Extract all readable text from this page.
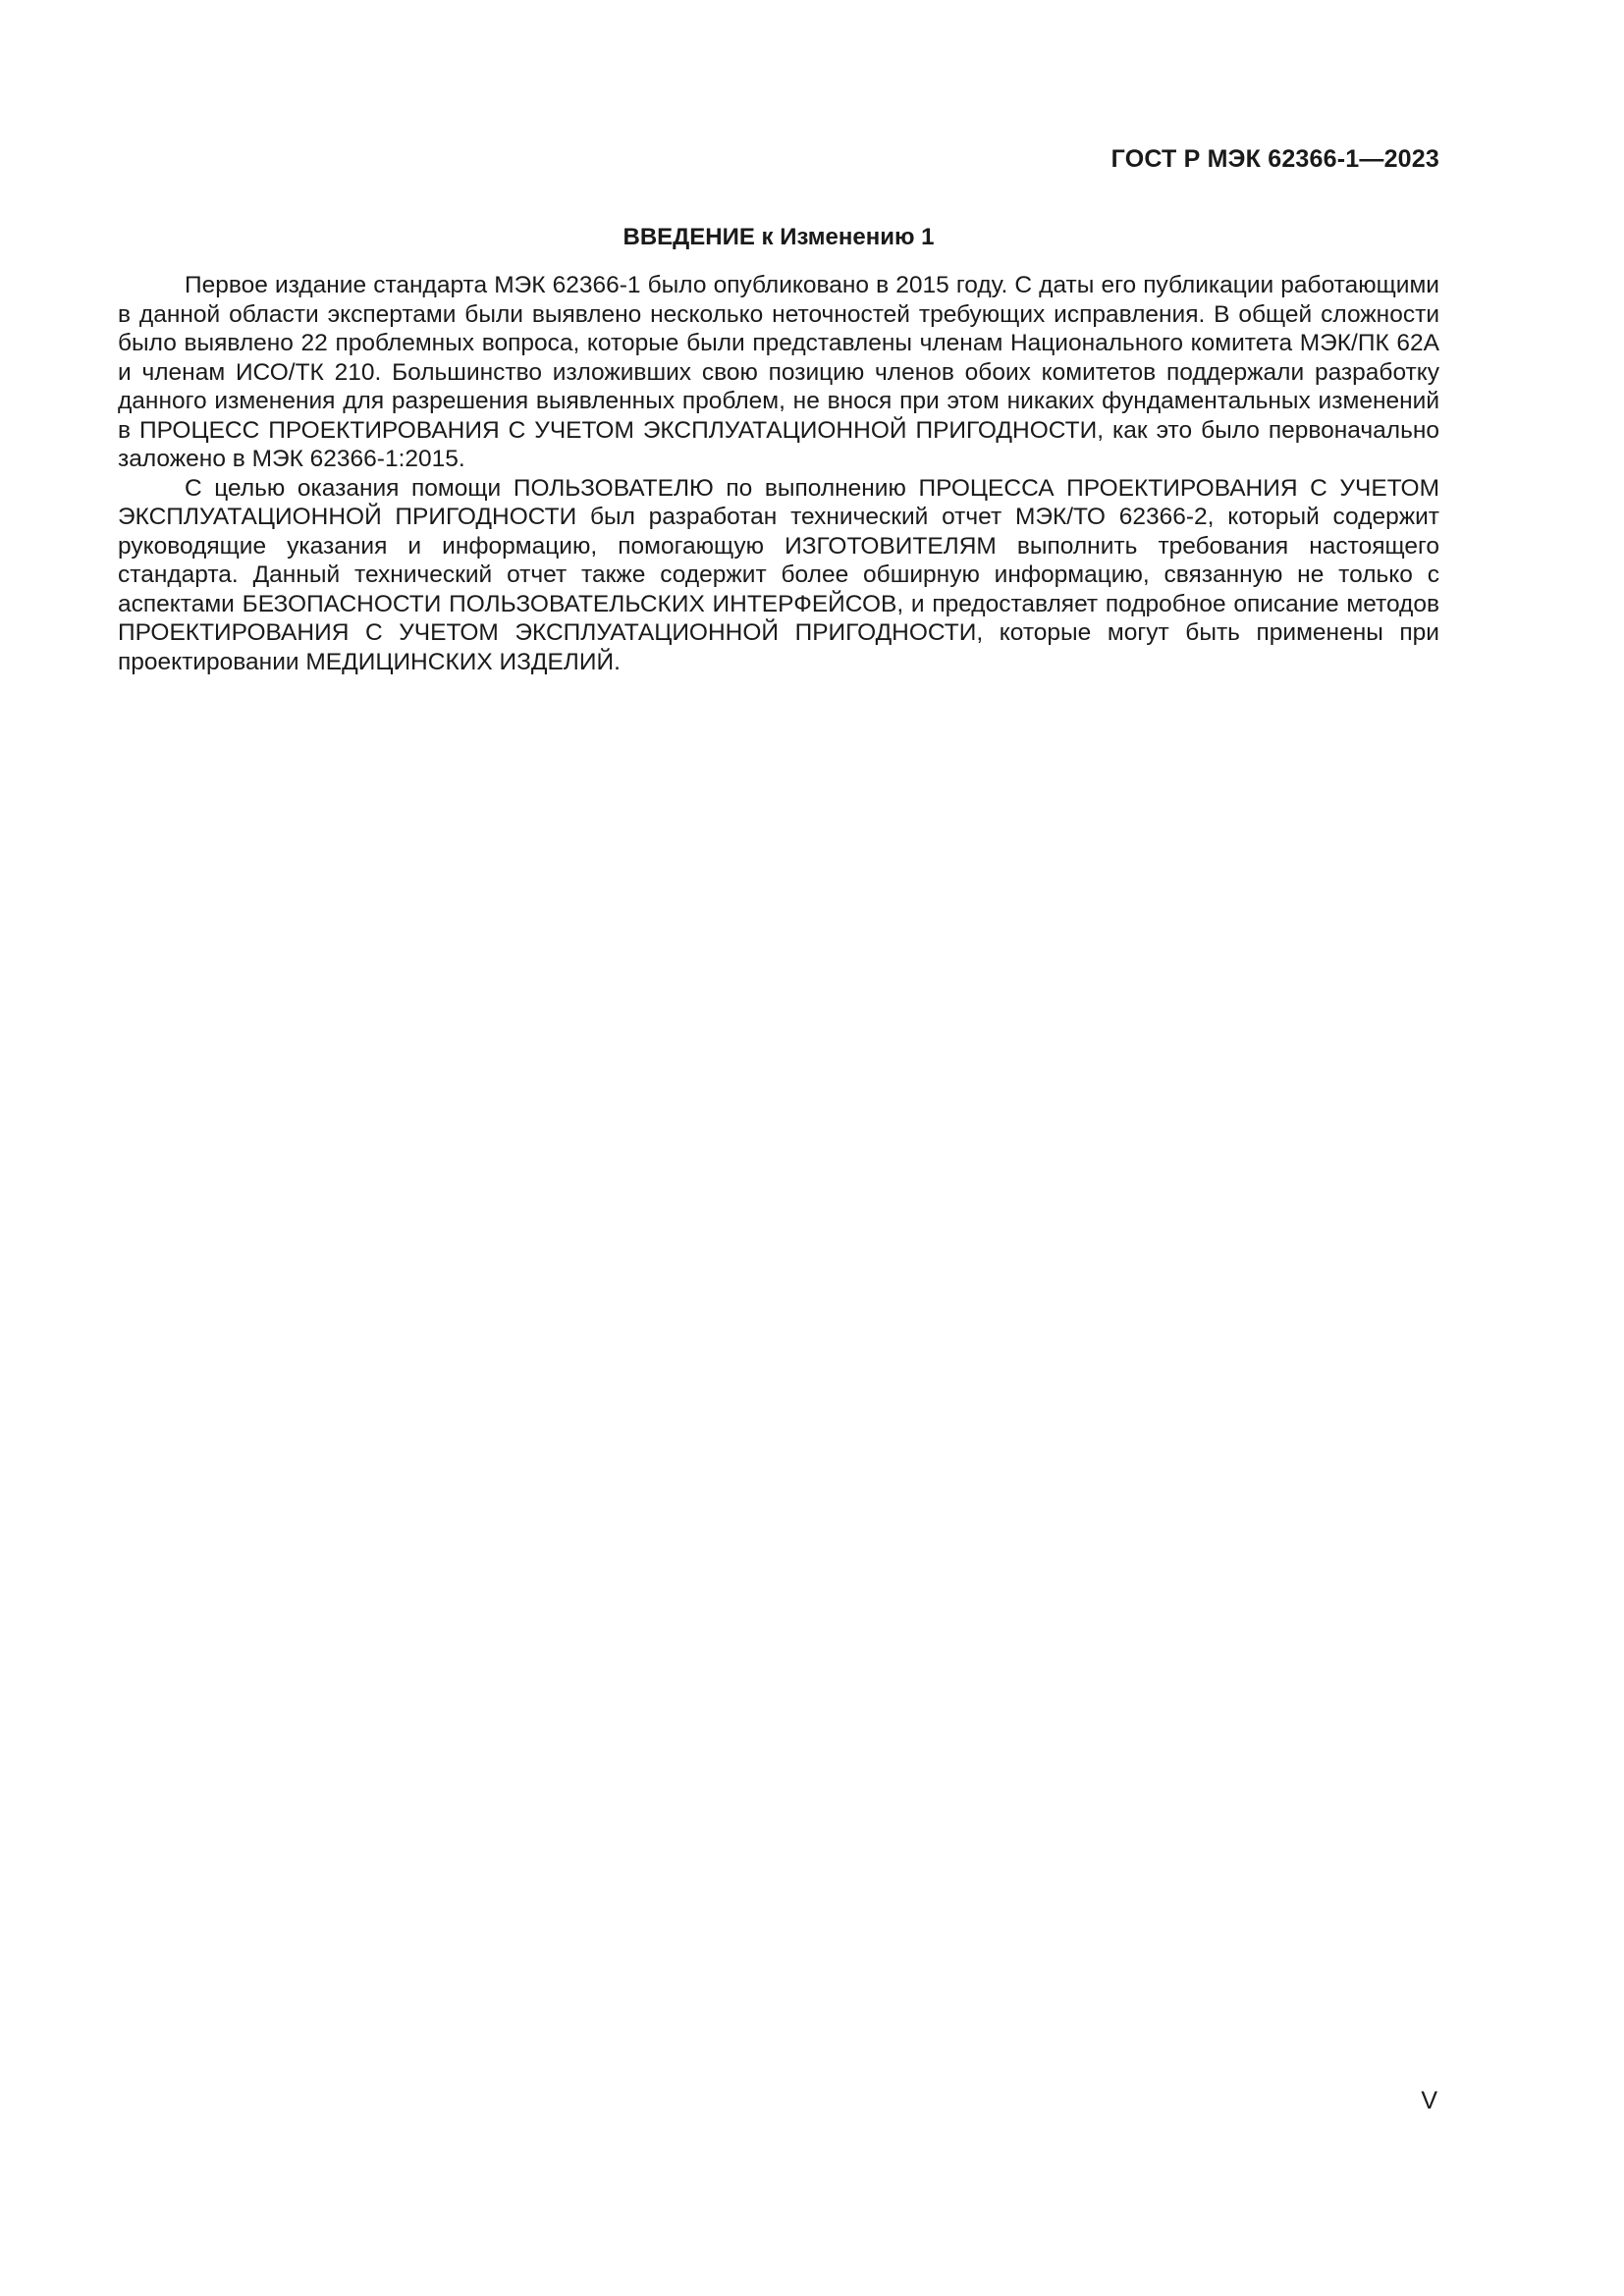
ГОСТ Р МЭК 62366-1—2023
ВВЕДЕНИЕ к Изменению 1

Первое издание стандарта МЭК 62366-1 было опубликовано в 2015 году. С даты его публикации работающими в данной области экспертами были выявлено несколько неточностей требующих исправления. В общей сложности было выявлено 22 проблемных вопроса, которые были представлены членам Национального комитета МЭК/ПК 62А и членам ИСО/ТК 210. Большинство изложивших свою позицию членов обоих комитетов поддержали разработку данного изменения для разрешения выявленных проблем, не внося при этом никаких фундаментальных изменений в ПРОЦЕСС ПРОЕКТИРОВАНИЯ С УЧЕТОМ ЭКСПЛУАТАЦИОННОЙ ПРИГОДНОСТИ, как это было первоначально заложено в МЭК 62366-1:2015.

С целью оказания помощи ПОЛЬЗОВАТЕЛЮ по выполнению ПРОЦЕССА ПРОЕКТИРОВАНИЯ С УЧЕТОМ ЭКСПЛУАТАЦИОННОЙ ПРИГОДНОСТИ был разработан технический отчет МЭК/ТО 62366-2, который содержит руководящие указания и информацию, помогающую ИЗГОТОВИТЕЛЯМ выполнить требования настоящего стандарта. Данный технический отчет также содержит более обширную информацию, связанную не только с аспектами БЕЗОПАСНОСТИ ПОЛЬЗОВАТЕЛЬСКИХ ИНТЕРФЕЙСОВ, и предоставляет подробное описание методов ПРОЕКТИРОВАНИЯ С УЧЕТОМ ЭКСПЛУАТАЦИОННОЙ ПРИГОДНОСТИ, которые могут быть применены при проектировании МЕДИЦИНСКИХ ИЗДЕЛИЙ.

V
